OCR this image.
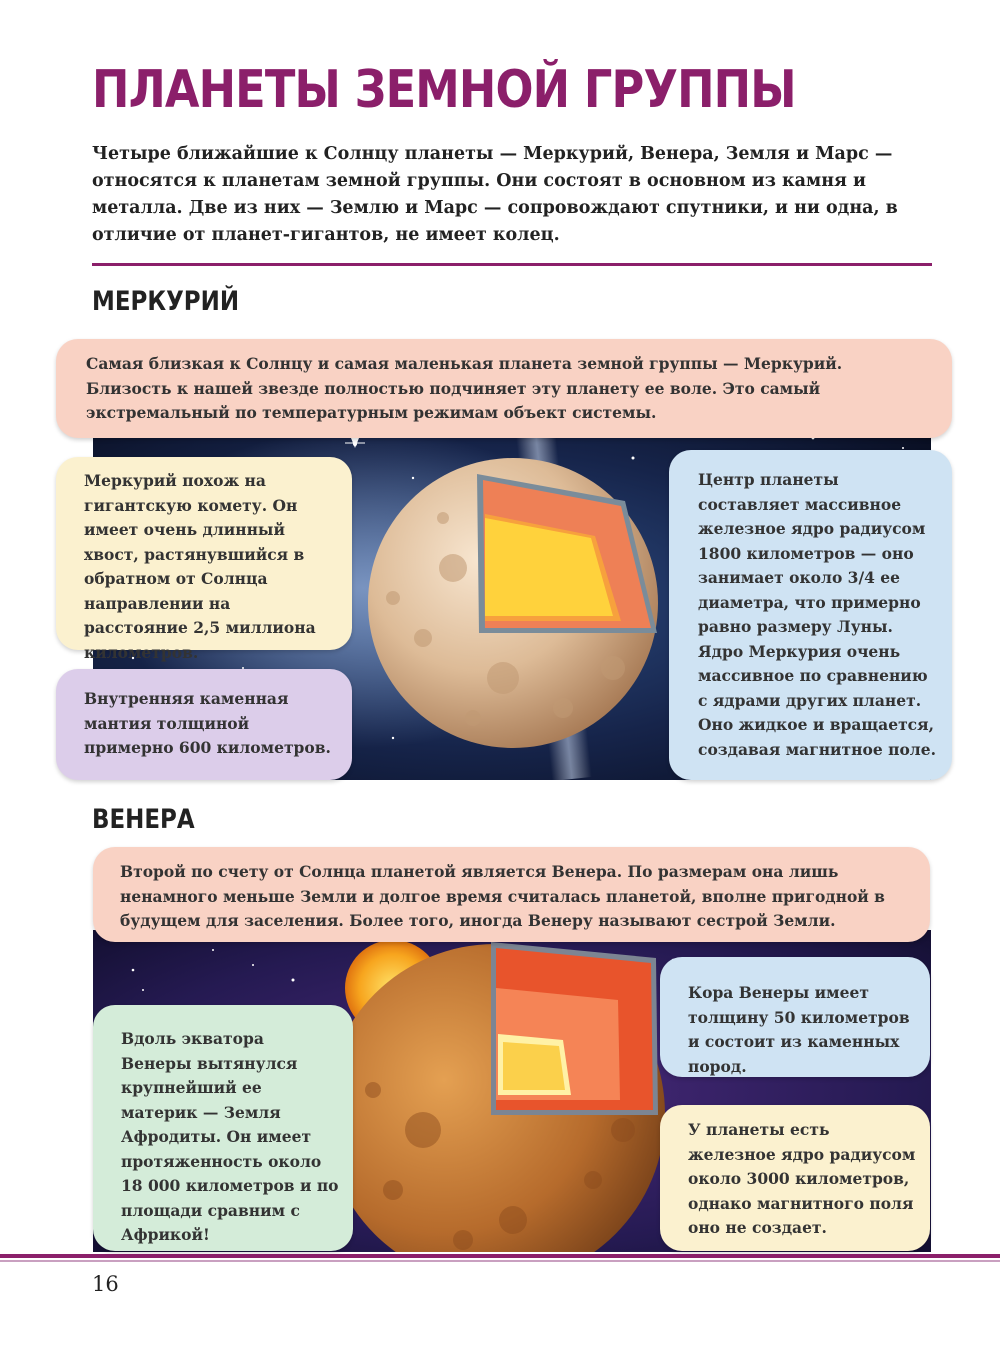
ПЛАНЕТЫ ЗЕМНОЙ ГРУППЫ

Четыре ближайшие к Солнцу планеты — Меркурий, Венера, Земля и Марс — относятся к планетам земной группы. Они состоят в основном из камня и металла. Две из них — Землю и Марс — сопровождают спутники, и ни одна, в отличие от планет-гигантов, не имеет колец.

МЕРКУРИЙ

Самая близкая к Солнцу и самая маленькая планета земной группы — Меркурий. Близость к нашей звезде полностью подчиняет эту планету ее воле. Это самый экстремальный по температурным режимам объект системы.

Меркурий похож на гигантскую комету. Он имеет очень длинный хвост, растянувшийся в обратном от Солнца направлении на расстояние 2,5 миллиона километров.

Внутренняя каменная мантия толщиной примерно 600 километров.

Центр планеты составляет массивное железное ядро радиусом 1800 километров — оно занимает около 3/4 ее диаметра, что примерно равно размеру Луны. Ядро Меркурия очень массивное по сравнению с ядрами других планет. Оно жидкое и вращается, создавая магнитное поле.

ВЕНЕРА

Второй по счету от Солнца планетой является Венера. По размерам она лишь ненамного меньше Земли и долгое время считалась планетой, вполне пригодной в будущем для заселения. Более того, иногда Венеру называют сестрой Земли.

Вдоль экватора Венеры вытянулся крупнейший ее материк — Земля Афродиты. Он имеет протяженность около 18 000 километров и по площади сравним с Африкой!

Кора Венеры имеет толщину 50 километров и состоит из каменных пород.

У планеты есть железное ядро радиусом около 3000 километров, однако магнитного поля оно не создает.

16
